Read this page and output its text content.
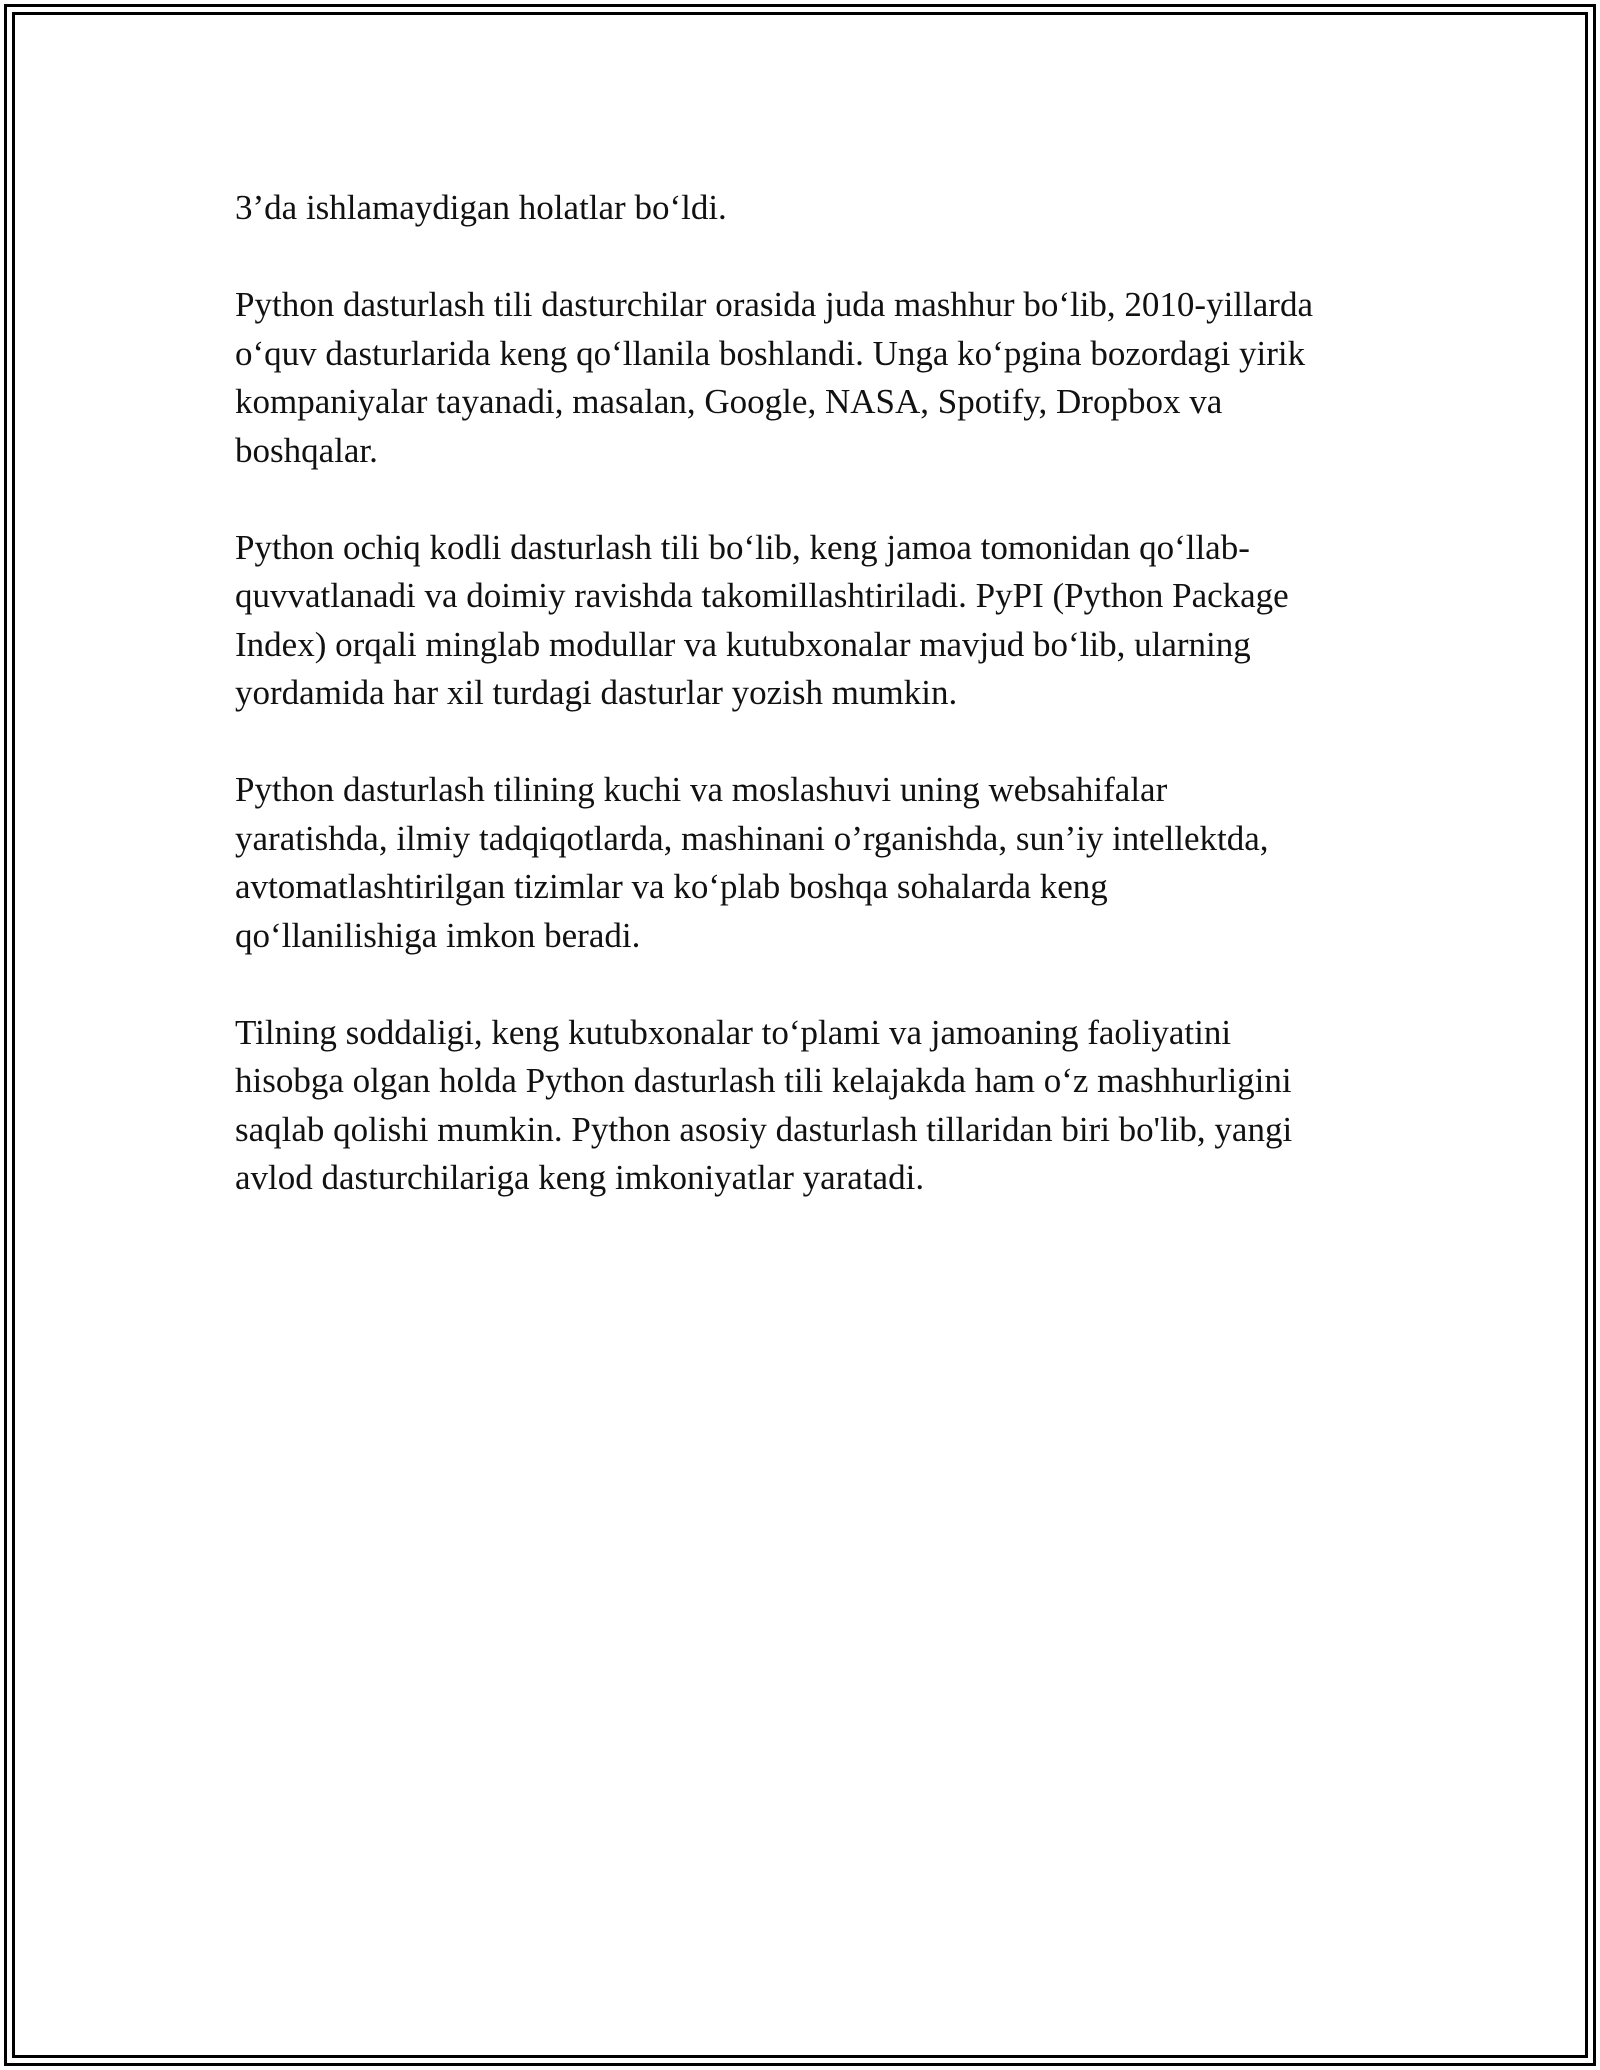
3’da ishlamaydigan holatlar bo‘ldi.

Python dasturlash tili dasturchilar orasida juda mashhur bo‘lib, 2010-yillarda
o‘quv dasturlarida keng qo‘llanila boshlandi. Unga ko‘pgina bozordagi yirik
kompaniyalar tayanadi, masalan, Google, NASA, Spotify, Dropbox va
boshqalar.

Python ochiq kodli dasturlash tili bo‘lib, keng jamoa tomonidan qo‘llab-
quvvatlanadi va doimiy ravishda takomillashtiriladi. PyPI (Python Package
Index) orqali minglab modullar va kutubxonalar mavjud bo‘lib, ularning
yordamida har xil turdagi dasturlar yozish mumkin.

Python dasturlash tilining kuchi va moslashuvi uning websahifalar
yaratishda, ilmiy tadqiqotlarda, mashinani o’rganishda, sun’iy intellektda,
avtomatlashtirilgan tizimlar va ko‘plab boshqa sohalarda keng
qo‘llanilishiga imkon beradi.

Tilning soddaligi, keng kutubxonalar to‘plami va jamoaning faoliyatini
hisobga olgan holda Python dasturlash tili kelajakda ham o‘z mashhurligini
saqlab qolishi mumkin. Python asosiy dasturlash tillaridan biri bo'lib, yangi
avlod dasturchilariga keng imkoniyatlar yaratadi.
